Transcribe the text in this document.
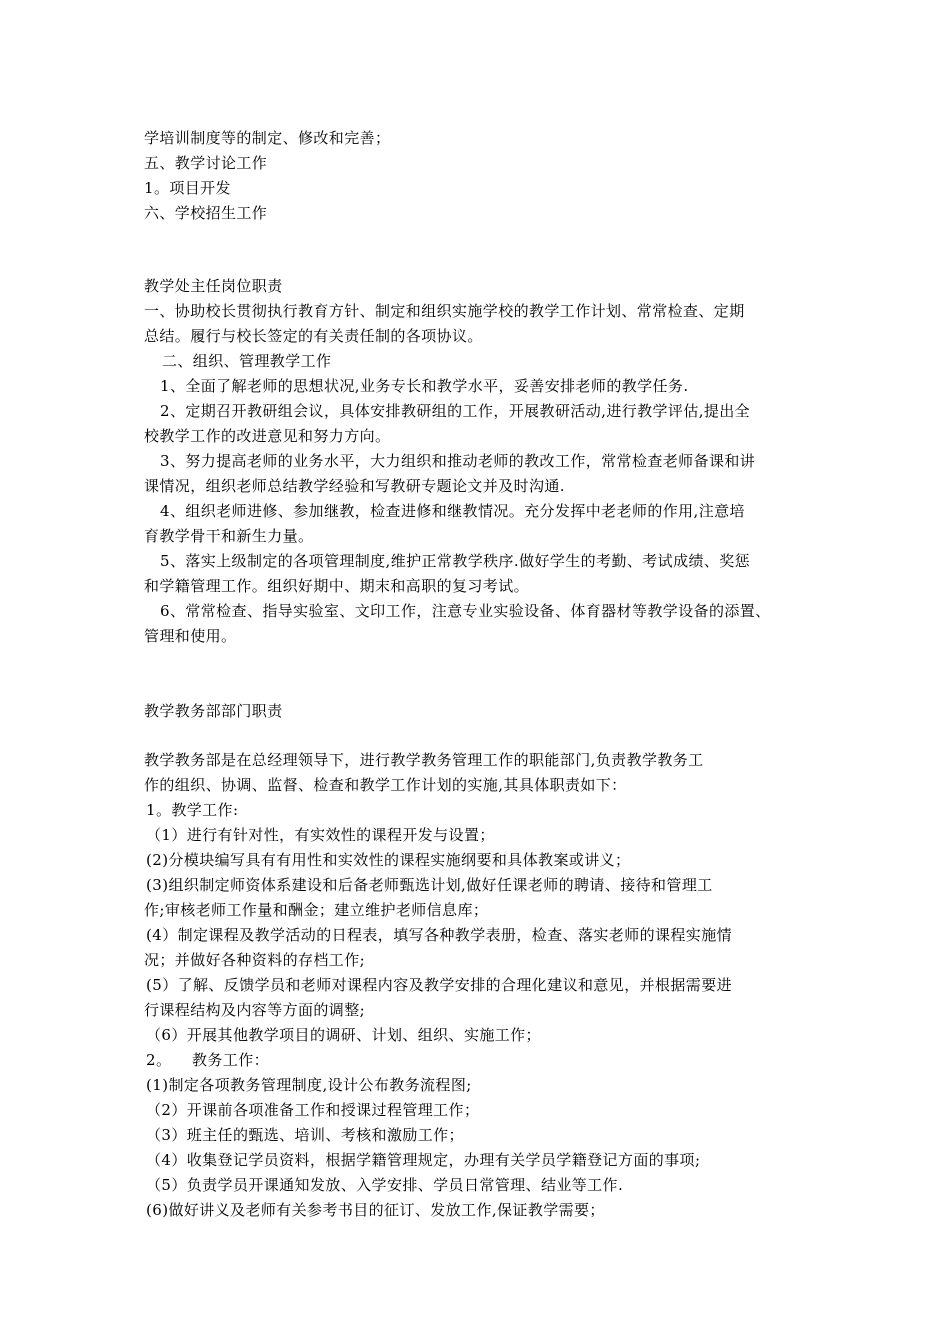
学培训制度等的制定、修改和完善；
五、教学讨论工作
1。项目开发
六、学校招生工作
教学处主任岗位职责
一、协助校长贯彻执行教育方针、制定和组织实施学校的教学工作计划、常常检查、定期
总结。履行与校长签定的有关责任制的各项协议。
二、组织、管理教学工作
1、全面了解老师的思想状况,业务专长和教学水平，妥善安排老师的教学任务.
2、定期召开教研组会议，具体安排教研组的工作，开展教研活动,进行教学评估,提出全
校教学工作的改进意见和努力方向。
3、努力提高老师的业务水平，大力组织和推动老师的教改工作，常常检查老师备课和讲
课情况，组织老师总结教学经验和写教研专题论文并及时沟通.
4、组织老师进修、参加继教，检查进修和继教情况。充分发挥中老老师的作用,注意培
育教学骨干和新生力量。
5、落实上级制定的各项管理制度,维护正常教学秩序.做好学生的考勤、考试成绩、奖惩
和学籍管理工作。组织好期中、期末和高职的复习考试。
6、常常检查、指导实验室、文印工作，注意专业实验设备、体育器材等教学设备的添置、
管理和使用。
教学教务部部门职责
教学教务部是在总经理领导下，进行教学教务管理工作的职能部门,负责教学教务工
作的组织、协调、监督、检查和教学工作计划的实施,其具体职责如下：
1。教学工作:
（1）进行有针对性，有实效性的课程开发与设置；
(2)分模块编写具有有用性和实效性的课程实施纲要和具体教案或讲义；
(3)组织制定师资体系建设和后备老师甄选计划,做好任课老师的聘请、接待和管理工
作;审核老师工作量和酬金；建立维护老师信息库；
(4）制定课程及教学活动的日程表，填写各种教学表册，检查、落实老师的课程实施情
况；并做好各种资料的存档工作;
(5）了解、反馈学员和老师对课程内容及教学安排的合理化建议和意见，并根据需要进
行课程结构及内容等方面的调整;
（6）开展其他教学项目的调研、计划、组织、实施工作；
2。    教务工作：
(1)制定各项教务管理制度,设计公布教务流程图;
（2）开课前各项准备工作和授课过程管理工作；
（3）班主任的甄选、培训、考核和激励工作；
（4）收集登记学员资料，根据学籍管理规定，办理有关学员学籍登记方面的事项;
（5）负责学员开课通知发放、入学安排、学员日常管理、结业等工作.
(6)做好讲义及老师有关参考书目的征订、发放工作,保证教学需要；
